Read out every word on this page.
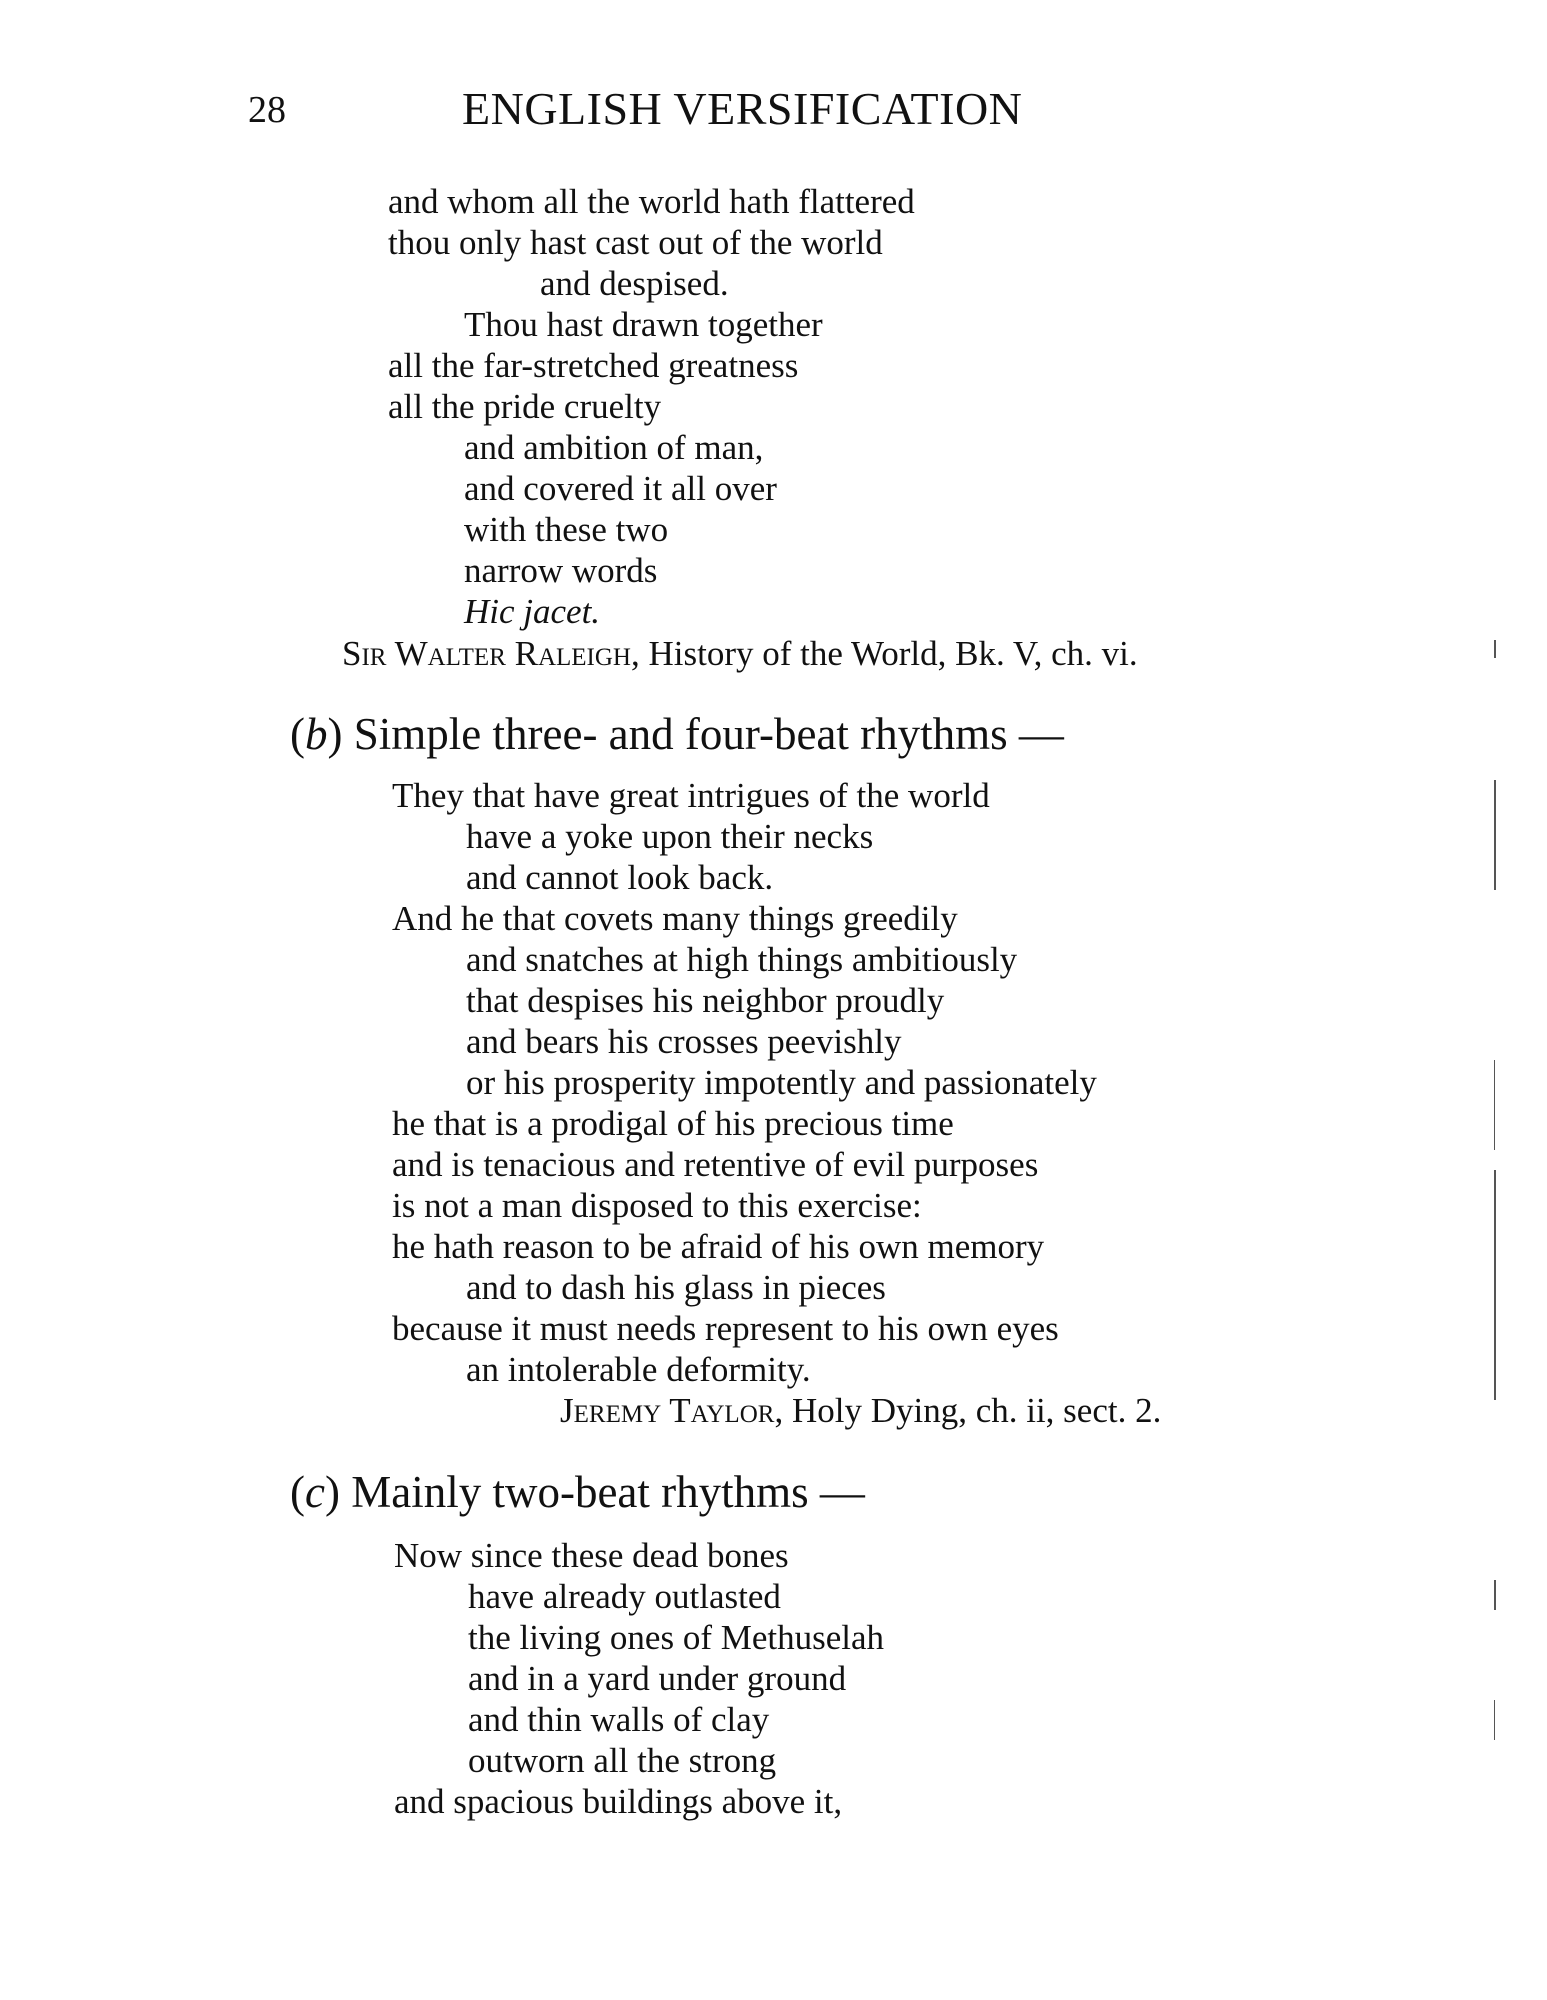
28	ENGLISH VERSIFICATION
and whom all the world hath flattered
thou only hast cast out of the world
and despised.
Thou hast drawn together
all the far-stretched greatness
all the pride cruelty
and ambition of man,
and covered it all over
with these two
narrow words
Hic jacet.
Sir Walter Raleigh, History of the World, Bk. V, ch. vi.
(b) Simple three- and four-beat rhythms —
They that have great intrigues of the world
have a yoke upon their necks
and cannot look back.
And he that covets many things greedily
and snatches at high things ambitiously
that despises his neighbor proudly
and bears his crosses peevishly
or his prosperity impotently and passionately
he that is a prodigal of his precious time
and is tenacious and retentive of evil purposes
is not a man disposed to this exercise:
he hath reason to be afraid of his own memory
and to dash his glass in pieces
because it must needs represent to his own eyes
an intolerable deformity.
Jeremy Taylor, Holy Dying, ch. ii, sect. 2.
(c) Mainly two-beat rhythms —
Now since these dead bones
have already outlasted
the living ones of Methuselah
and in a yard under ground
and thin walls of clay
outworn all the strong
and spacious buildings above it,
